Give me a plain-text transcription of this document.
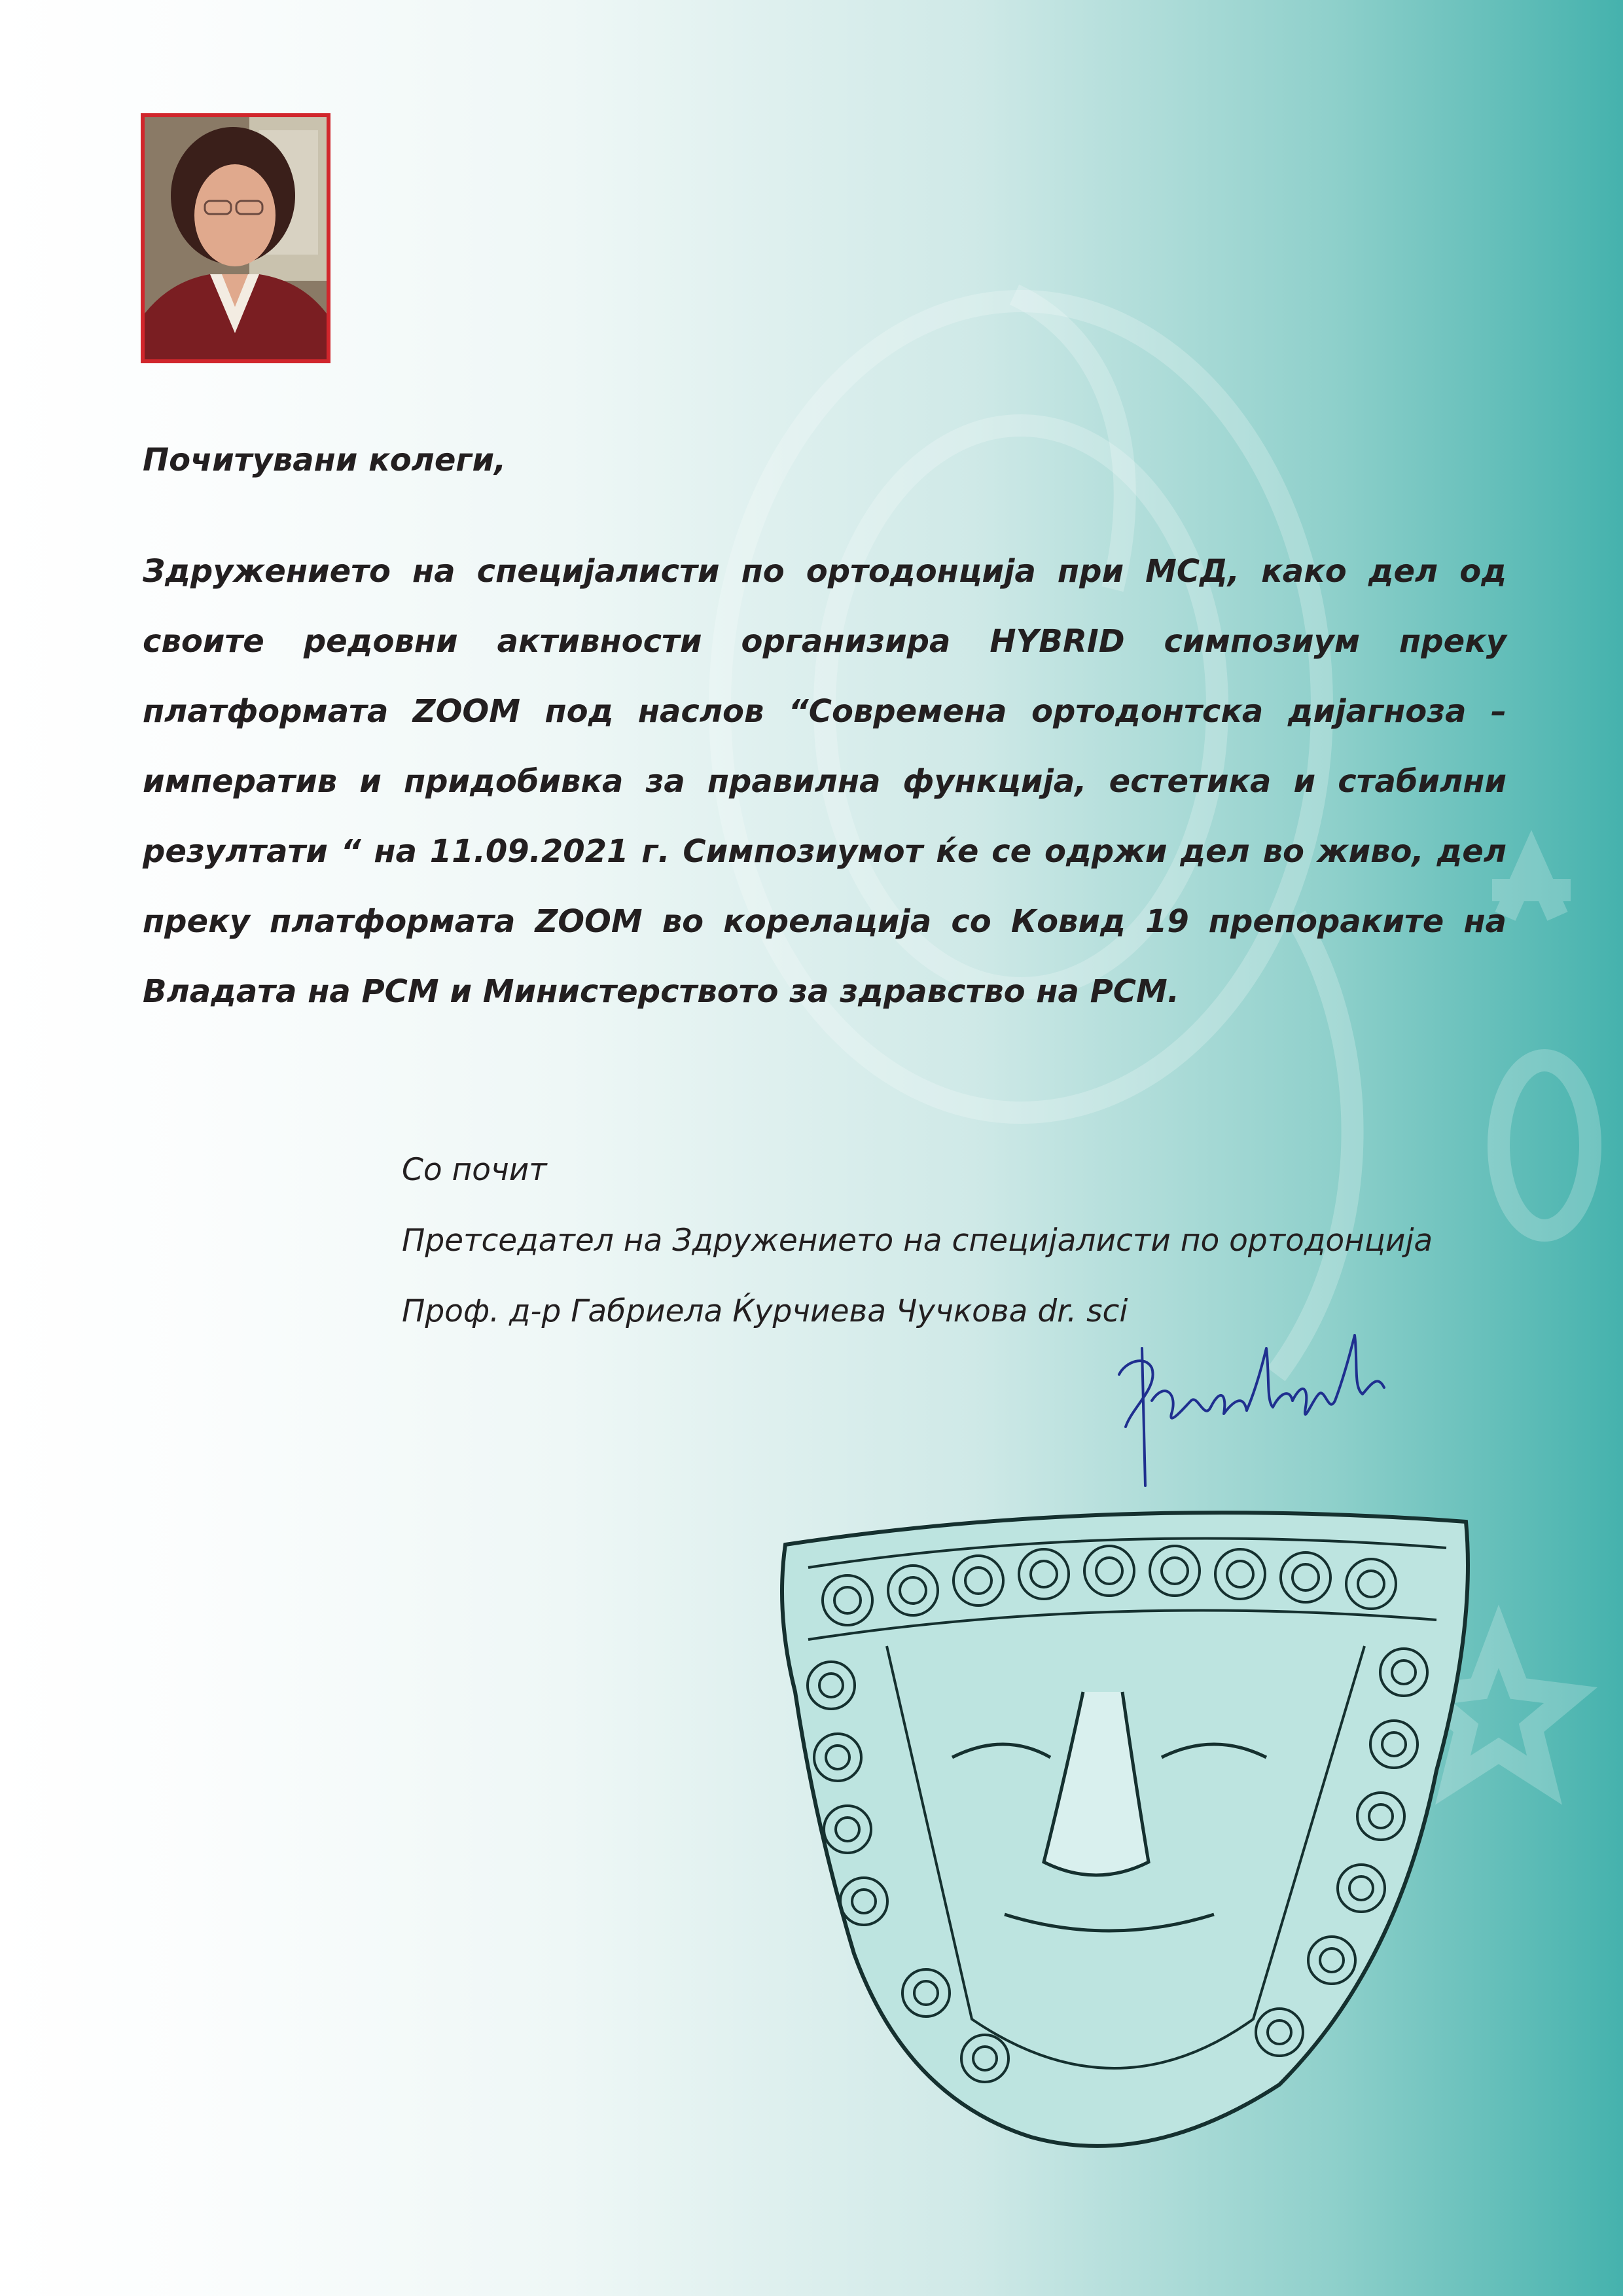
Почитувани колеги,

Здружението на специјалисти по ортодонција при МСД, како дел од своите редовни активности организира HYBRID симпозиум преку платформата ZOOM под наслов “Современа ортодонтска дијагноза – императив и придобивка за правилна функција, естетика и стабилни резултати “ на 11.09.2021 г. Симпозиумот ќе се одржи дел во живо, дел преку платформата ZOOM во корелација со Ковид 19 препораките на Владата на РСМ и Министерството за здравство на РСМ.

Со почит
Претседател на Здружението на специјалисти по ортодонција
Проф. д-р Габриела Ќурчиева Чучкова dr. sci
